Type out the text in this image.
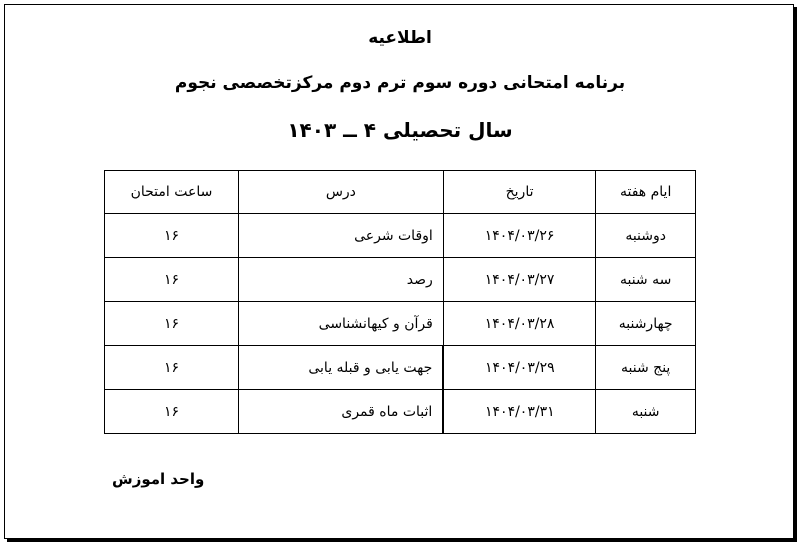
اطلاعیه
برنامه امتحانی دوره سوم ترم دوم مرکزتخصصی نجوم
سال تحصیلی ۴ ــ ۱۴۰۳
ایام هفته	تاریخ	درس	ساعت امتحان
دوشنبه	۱۴۰۴/۰۳/۲۶	اوقات شرعی	۱۶
سه شنبه	۱۴۰۴/۰۳/۲۷	رصد	۱۶
چهارشنبه	۱۴۰۴/۰۳/۲۸	قرآن و کیهانشناسی	۱۶
پنج شنبه	۱۴۰۴/۰۳/۲۹	جهت یابی و قبله یابی	۱۶
شنبه	۱۴۰۴/۰۳/۳۱	اثبات ماه قمری	۱۶
واحد اموزش
